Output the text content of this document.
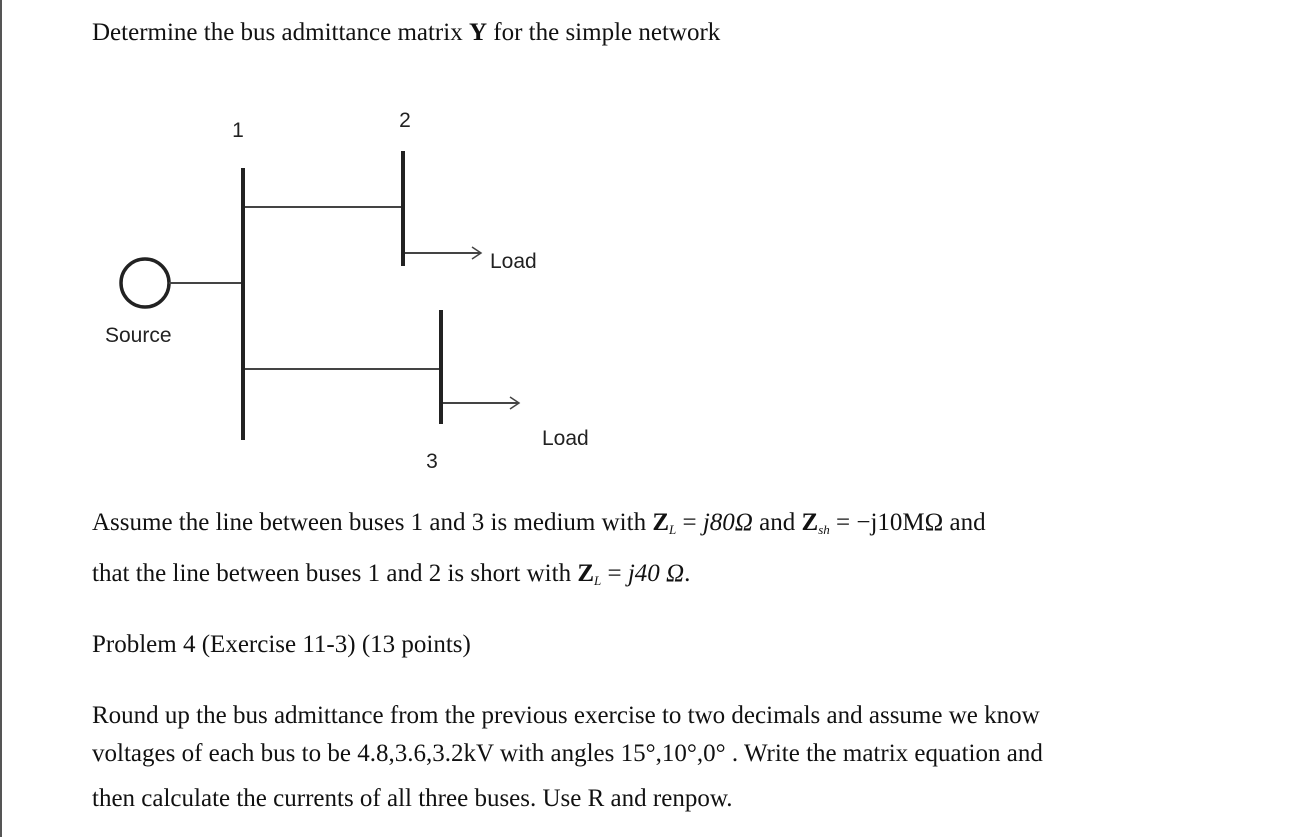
Determine the bus admittance matrix Y for the simple network
1	2
3
Source
Load
Load
Assume the line between buses 1 and 3 is medium with $Z_L = j80\Omega$ and $Z_{sh} = -j10M\Omega$ and
that the line between buses 1 and 2 is short with $Z_L = j40$ Ω.
Problem 4 (Exercise 11-3) (13 points)
Round up the bus admittance from the previous exercise to two decimals and assume we know
voltages of each bus to be 4.8,3.6,3.2kV with angles 15°,10°,0° . Write the matrix equation and
then calculate the currents of all three buses. Use R and renpow.
